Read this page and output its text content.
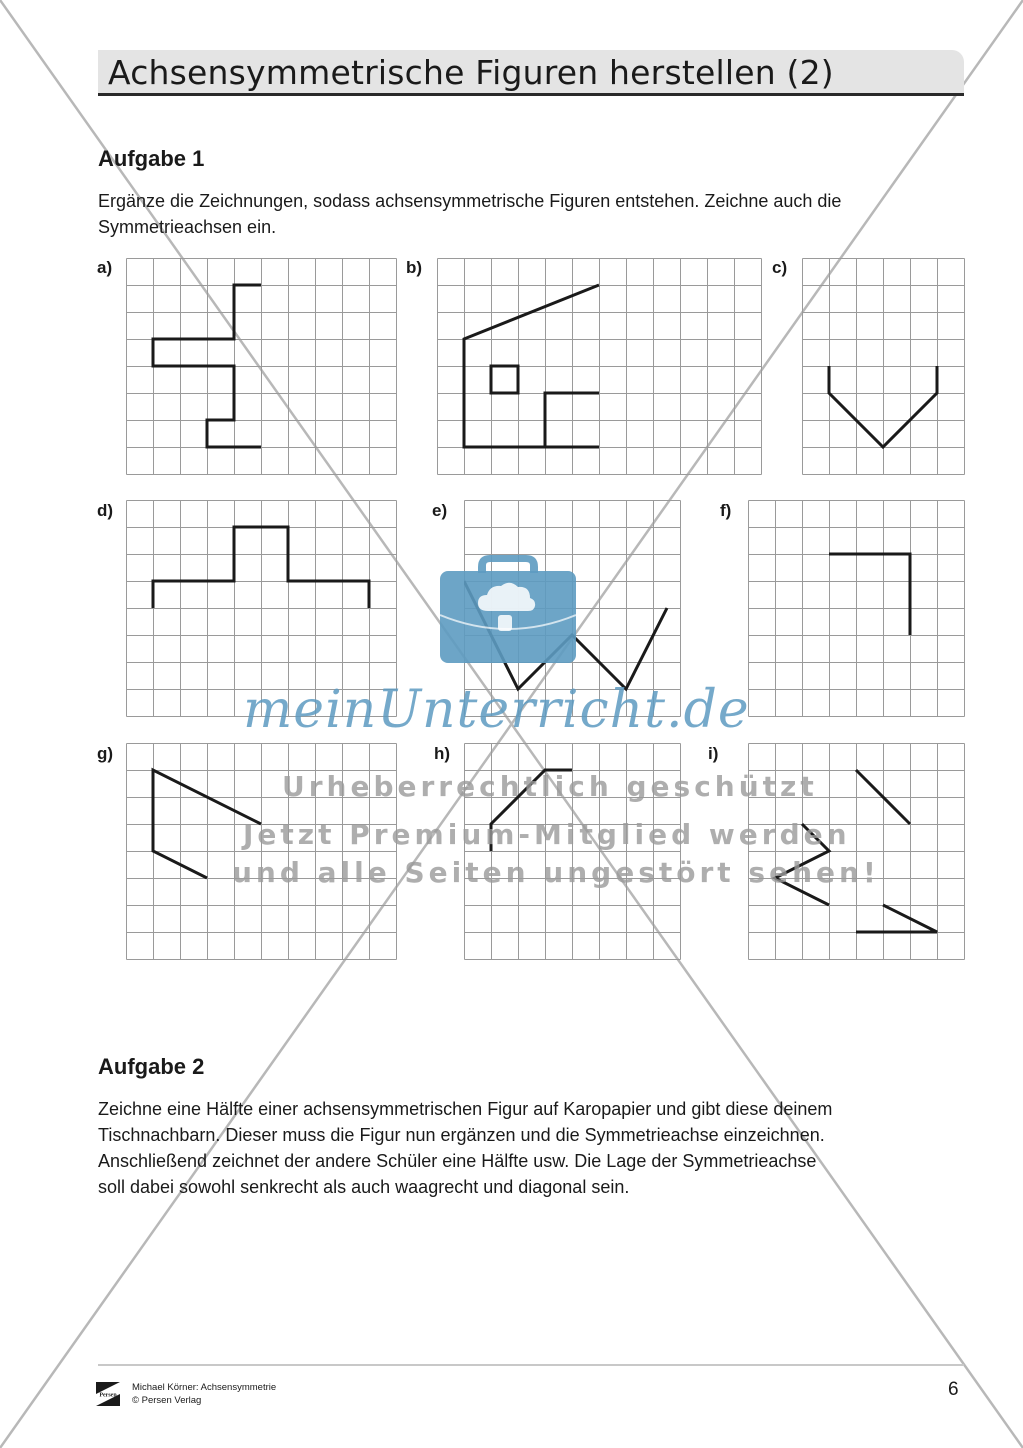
Achsensymmetrische Figuren herstellen (2)
Aufgabe 1

Ergänze die Zeichnungen, sodass achsensymmetrische Figuren entstehen. Zeichne auch die

Symmetrieachsen ein.

a)	b)	c)
d)	e)	f)
g)	h)	i)
meinUnterricht.de
Urheberrechtlich geschützt
Jetzt Premium-Mitglied werden
und alle Seiten ungestört sehen!
Aufgabe 2

Zeichne eine Hälfte einer achsensymmetrischen Figur auf Karopapier und gibt diese deinem

Tischnachbarn. Dieser muss die Figur nun ergänzen und die Symmetrieachse einzeichnen.

Anschließend zeichnet der andere Schüler eine Hälfte usw. Die Lage der Symmetrieachse

soll dabei sowohl senkrecht als auch waagrecht und diagonal sein.

Persen
Michael Körner: Achsensymmetrie
© Persen Verlag
6
